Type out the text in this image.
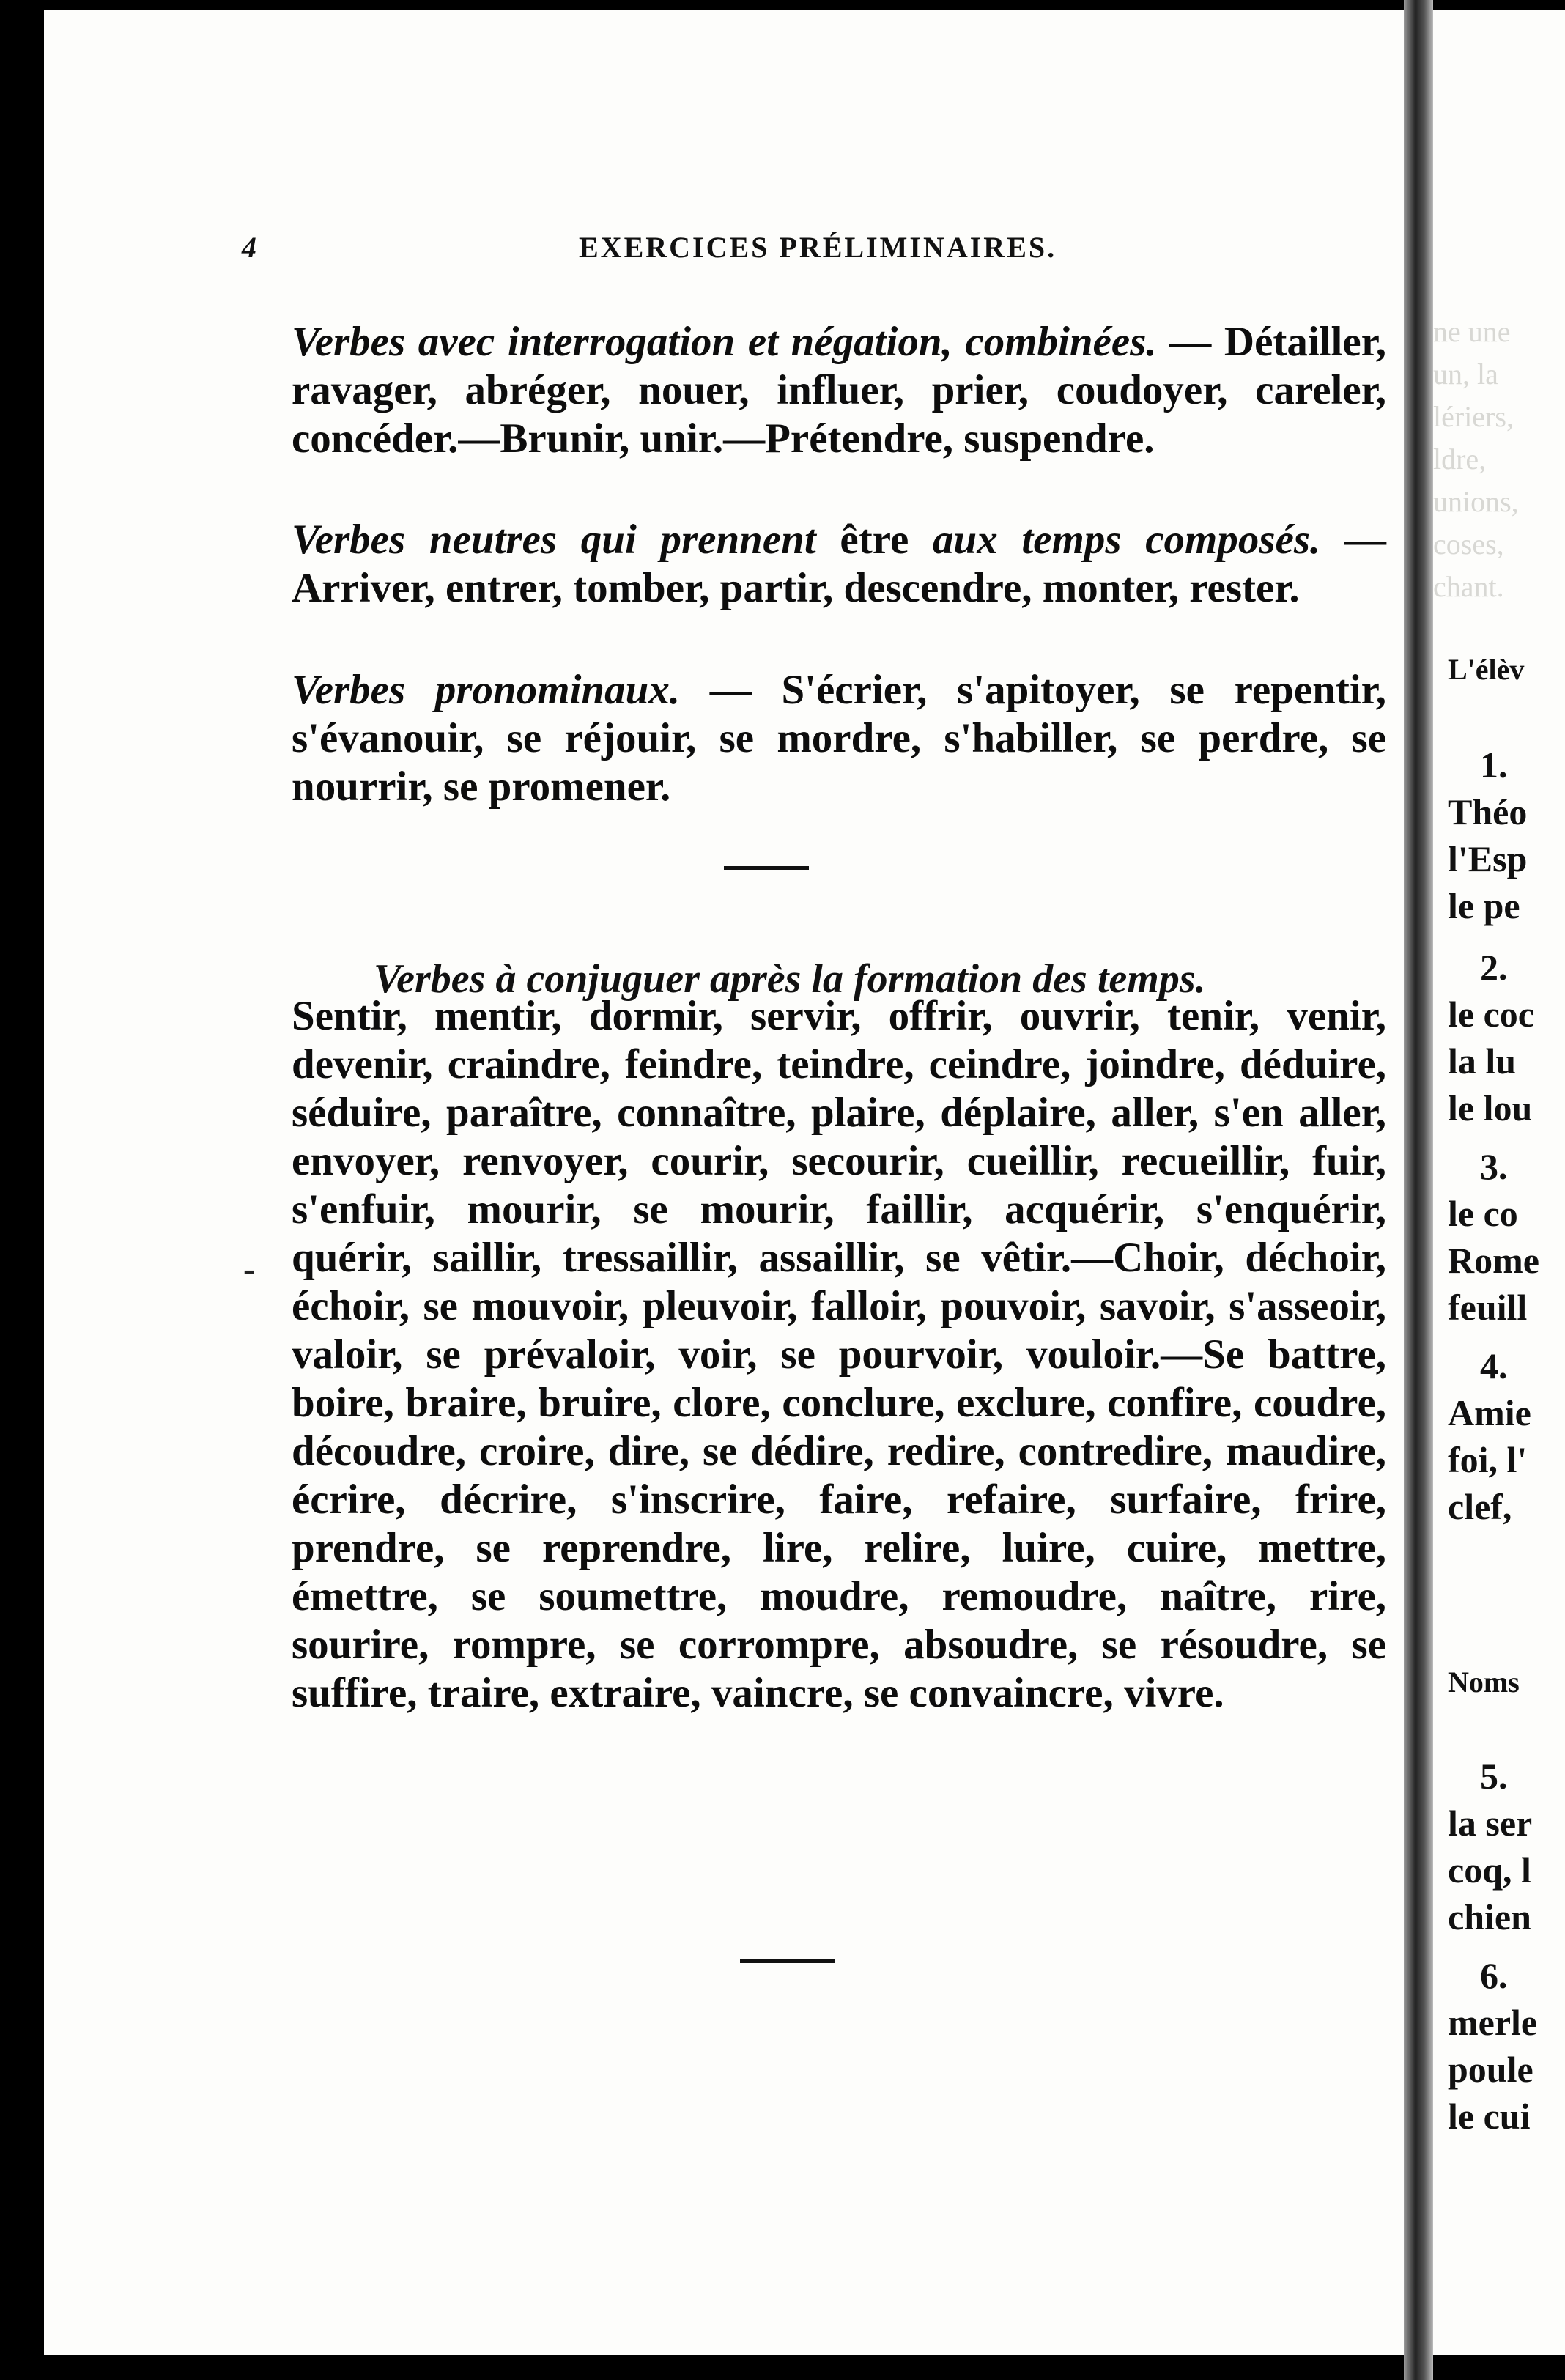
4	EXERCICES PRÉLIMINAIRES.

Verbes avec interrogation et négation, combinées. — Détailler, ravager, abréger, nouer, influer, prier, coudoyer, careler, concéder.—Brunir, unir.—Prétendre, suspendre.

Verbes neutres qui prennent être aux temps composés. —Arriver, entrer, tomber, partir, descendre, monter, rester.

Verbes pronominaux. — S'écrier, s'apitoyer, se repentir, s'évanouir, se réjouir, se mordre, s'habiller, se perdre, se nourrir, se promener.

Verbes à conjuguer après la formation des temps.

Sentir, mentir, dormir, servir, offrir, ouvrir, tenir, venir, devenir, craindre, feindre, teindre, ceindre, joindre, déduire, séduire, paraître, connaître, plaire, déplaire, aller, s'en aller, envoyer, renvoyer, courir, secourir, cueillir, recueillir, fuir, s'enfuir, mourir, se mourir, faillir, acquérir, s'enquérir, quérir, saillir, tressaillir, assaillir, se vêtir.—Choir, déchoir, échoir, se mouvoir, pleuvoir, falloir, pouvoir, savoir, s'asseoir, valoir, se prévaloir, voir, se pourvoir, vouloir.—Se battre, boire, braire, bruire, clore, conclure, exclure, confire, coudre, découdre, croire, dire, se dédire, redire, contredire, maudire, écrire, décrire, s'inscrire, faire, refaire, surfaire, frire, prendre, se reprendre, lire, relire, luire, cuire, mettre, émettre, se soumettre, moudre, remoudre, naître, rire, sourire, rompre, se corrompre, absoudre, se résoudre, se suffire, traire, extraire, vaincre, se convaincre, vivre.

-
ne une
un, la
lériers,
ldre,
unions,
coses,
chant.
L'élèv
1.
Théo
l'Esp
le pe
2.
le coc
la lu
le lou
3.
le co
Rome
feuill
4.
Amie
foi, l'
clef,
Noms
5.
la ser
coq, l
chien
6.
merle
poule
le cui
